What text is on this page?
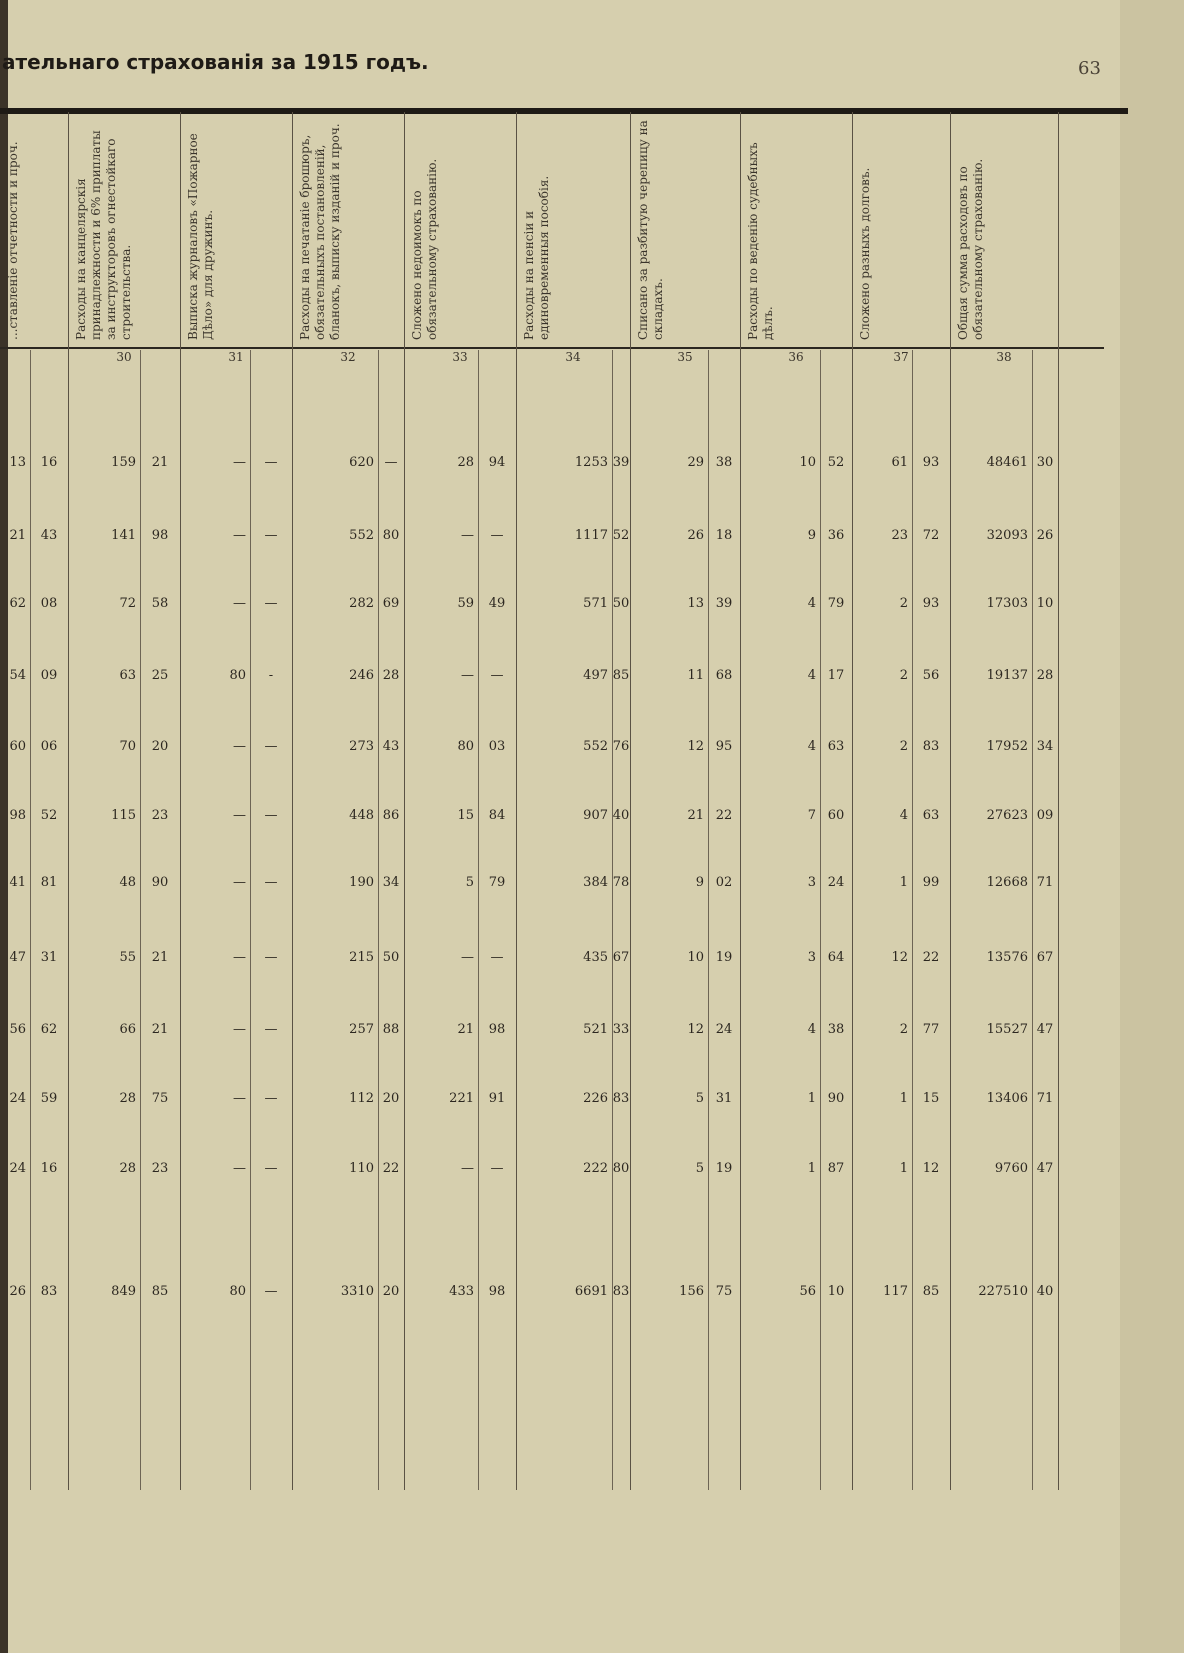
ательнаго страхованія за 1915 годъ.	63
...ставленіе отчетности и проч.	Расходы на канцелярскія принадлежности и 6% приплаты за инструкторовъ огнестойкаго строительства.
30
Выписка журналовъ «Пожарное Дѣло» для дружинъ.
31
Расходы на печатаніе брошюръ, обязательныхъ постановленій, бланокъ, выписку изданій и проч.
32
Сложено недоимокъ по обязательному страхованію.
33
Расходы на пенсіи и единовременныя пособія.
34
Списано за разбитую черепицу на складахъ.
35
Расходы по веденію судебныхъ дѣлъ.
36
Сложено разныхъ долговъ.
37
Общая сумма расходовъ по обязательному страхованію.
38
13	16	159	21	—	—	620 —	28	94	1253 39	29 38	10 52	61	93	48461 30
21	43	141	98	—	—	552 80	—	—	1117 52	26 18	9 36	23	72	32093 26
62	08	72	58	—	—	282 69	59	49	571 50	13 39	4 79	2	93	17303 10
54	09	63	25	80	-	246 28	—	—	497 85	11 68	4 17	2	56	19137 28
60	06	70	20	—	—	273 43	80	03	552 76	12 95	4 63	2	83	17952 34
98	52	115	23	—	—	448 86	15	84	907 40	21 22	7 60	4	63	27623 09
41	81	48	90	—	—	190 34	5	79	384 78	9 02	3 24	1	99	12668 71
47	31	55	21	—	—	215 50	—	—	435 67	10 19	3 64	12	22	13576 67
56	62	66	21	—	—	257 88	21	98	521 33	12 24	4 38	2	77	15527 47
24	59	28	75	—	—	112 20	221	91	226 83	5 31	1 90	1	15	13406 71
24	16	28	23	—	—	110 22	—	—	222 80	5 19	1 87	1	12	9760 47
26	83	849	85	80	—	3310 20	433	98	6691 83	156 75	56 10	117	85	227510 40
